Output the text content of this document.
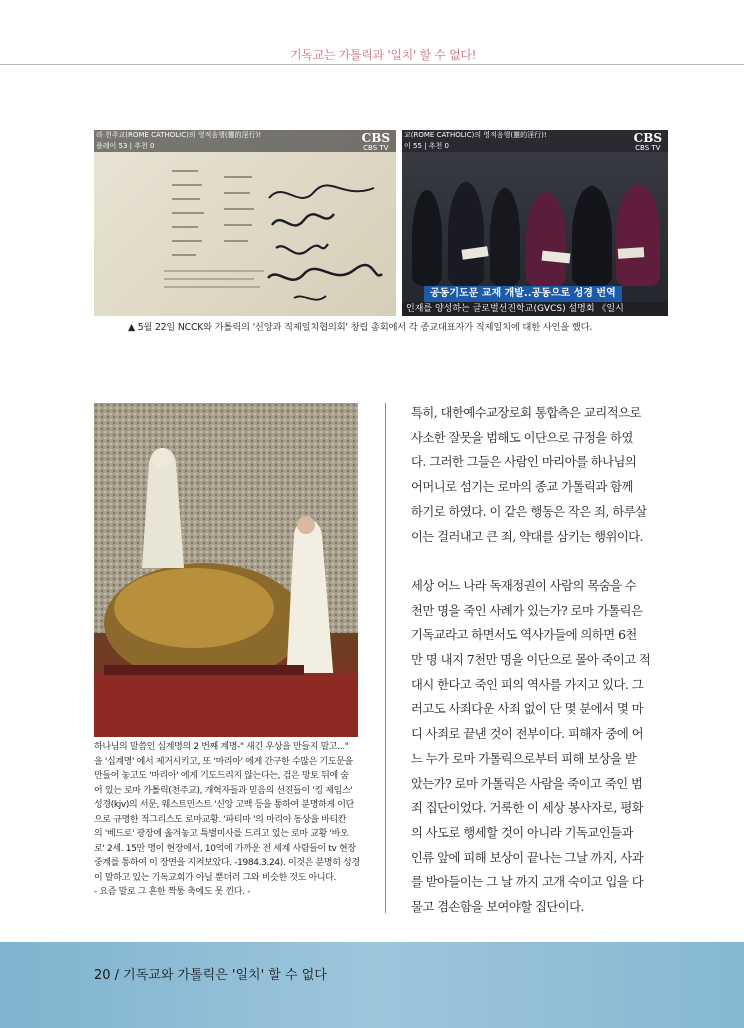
기독교는 가톨릭과 '일치' 할 수 없다!
라 천주교(ROME CATHOLIC)의 영적음행(靈的淫行)!
플레이 53 | 추천 0
CBS
CBS TV
교(ROME CATHOLIC)의 영적음행(靈的淫行)!
이 55 | 추천 0
CBS
CBS TV
공동기도문 교재 개발..공동으로 성경 번역
인재를 양성하는 글로벌선진학교(GVCS) 설명회 《일시
▲ 5월 22일 NCCK와 가톨릭의 '신앙과 직제일치협의회' 창립 총회에서 각 종교대표자가 직제일치에 대한 사인을 했다.

하나님의 말씀인 십계명의 2 번째 계명-" 새긴 우상을 만들지 말고..."

을 '십계명' 에서 제거시키고, 또 '마리아' 에게 간구한 수많은 기도문을

만들어 놓고도 '마리아' 에게 기도드리지 않는다는, 검은 망토 뒤에 숨

어 있는 로마 가톨릭(천주교), 개혁자들과 믿음의 선진들이 '킹 제임스'

성경(kjv)의 서문, 웨스트민스트 '신앙 고백 등을 통하여 분명하게 이단

으로 규명한 적그리스도 로마교황. '파티마 '의 마리아 동상을 바티칸

의 '베드로' 광장에 옮겨놓고 특별미사를 드리고 있는 로마 교황 '바오

로' 2세. 15만 명이 현장에서, 10억에 가까운 전 세계 사람들이 tv 현장

중계를 통하여 이 장면을 지켜보았다. -1984.3.24). 이것은 분명히 성경

이 말하고 있는 기독교회가 아닐 뿐더러 그와 비슷한 것도 아니다.

- 요즘 말로 그 흔한 짝퉁 축에도 못 낀다. -

특히, 대한예수교장로회 통합측은 교리적으로

사소한 잘못을 범해도 이단으로 규정을 하였

다. 그러한 그들은 사람인 마리아를 하나님의

어머니로 섬기는 로마의 종교 가톨릭과 함께

하기로 하였다. 이 같은 행동은 작은 죄, 하루살

이는 걸러내고 큰 죄, 약대를 삼키는 행위이다.

세상 어느 나라 독재정권이 사람의 목숨을 수

천만 명을 죽인 사례가 있는가? 로마 가톨릭은

기독교라고 하면서도 역사가들에 의하면 6천

만 명 내지 7천만 명을 이단으로 몰아 죽이고 적

대시 한다고 죽인 피의 역사를 가지고 있다. 그

러고도 사죄다운 사죄 없이 단 몇 분에서 몇 마

디 사죄로 끝낸 것이 전부이다. 피해자 중에 어

느 누가 로마 가톨릭으로부터 피해 보상을 받

았는가? 로마 가톨릭은 사람을 죽이고 죽인 범

죄 집단이었다. 거룩한 이 세상 봉사자로, 평화

의 사도로 행세할 것이 아니라 기독교인들과

인류 앞에 피해 보상이 끝나는 그날 까지, 사과

를 받아들이는 그 날 까지 고개 숙이고 입을 다

물고 겸손함을 보여야할 집단이다.

20 / 기독교와 가톨릭은 '일치' 할 수 없다
